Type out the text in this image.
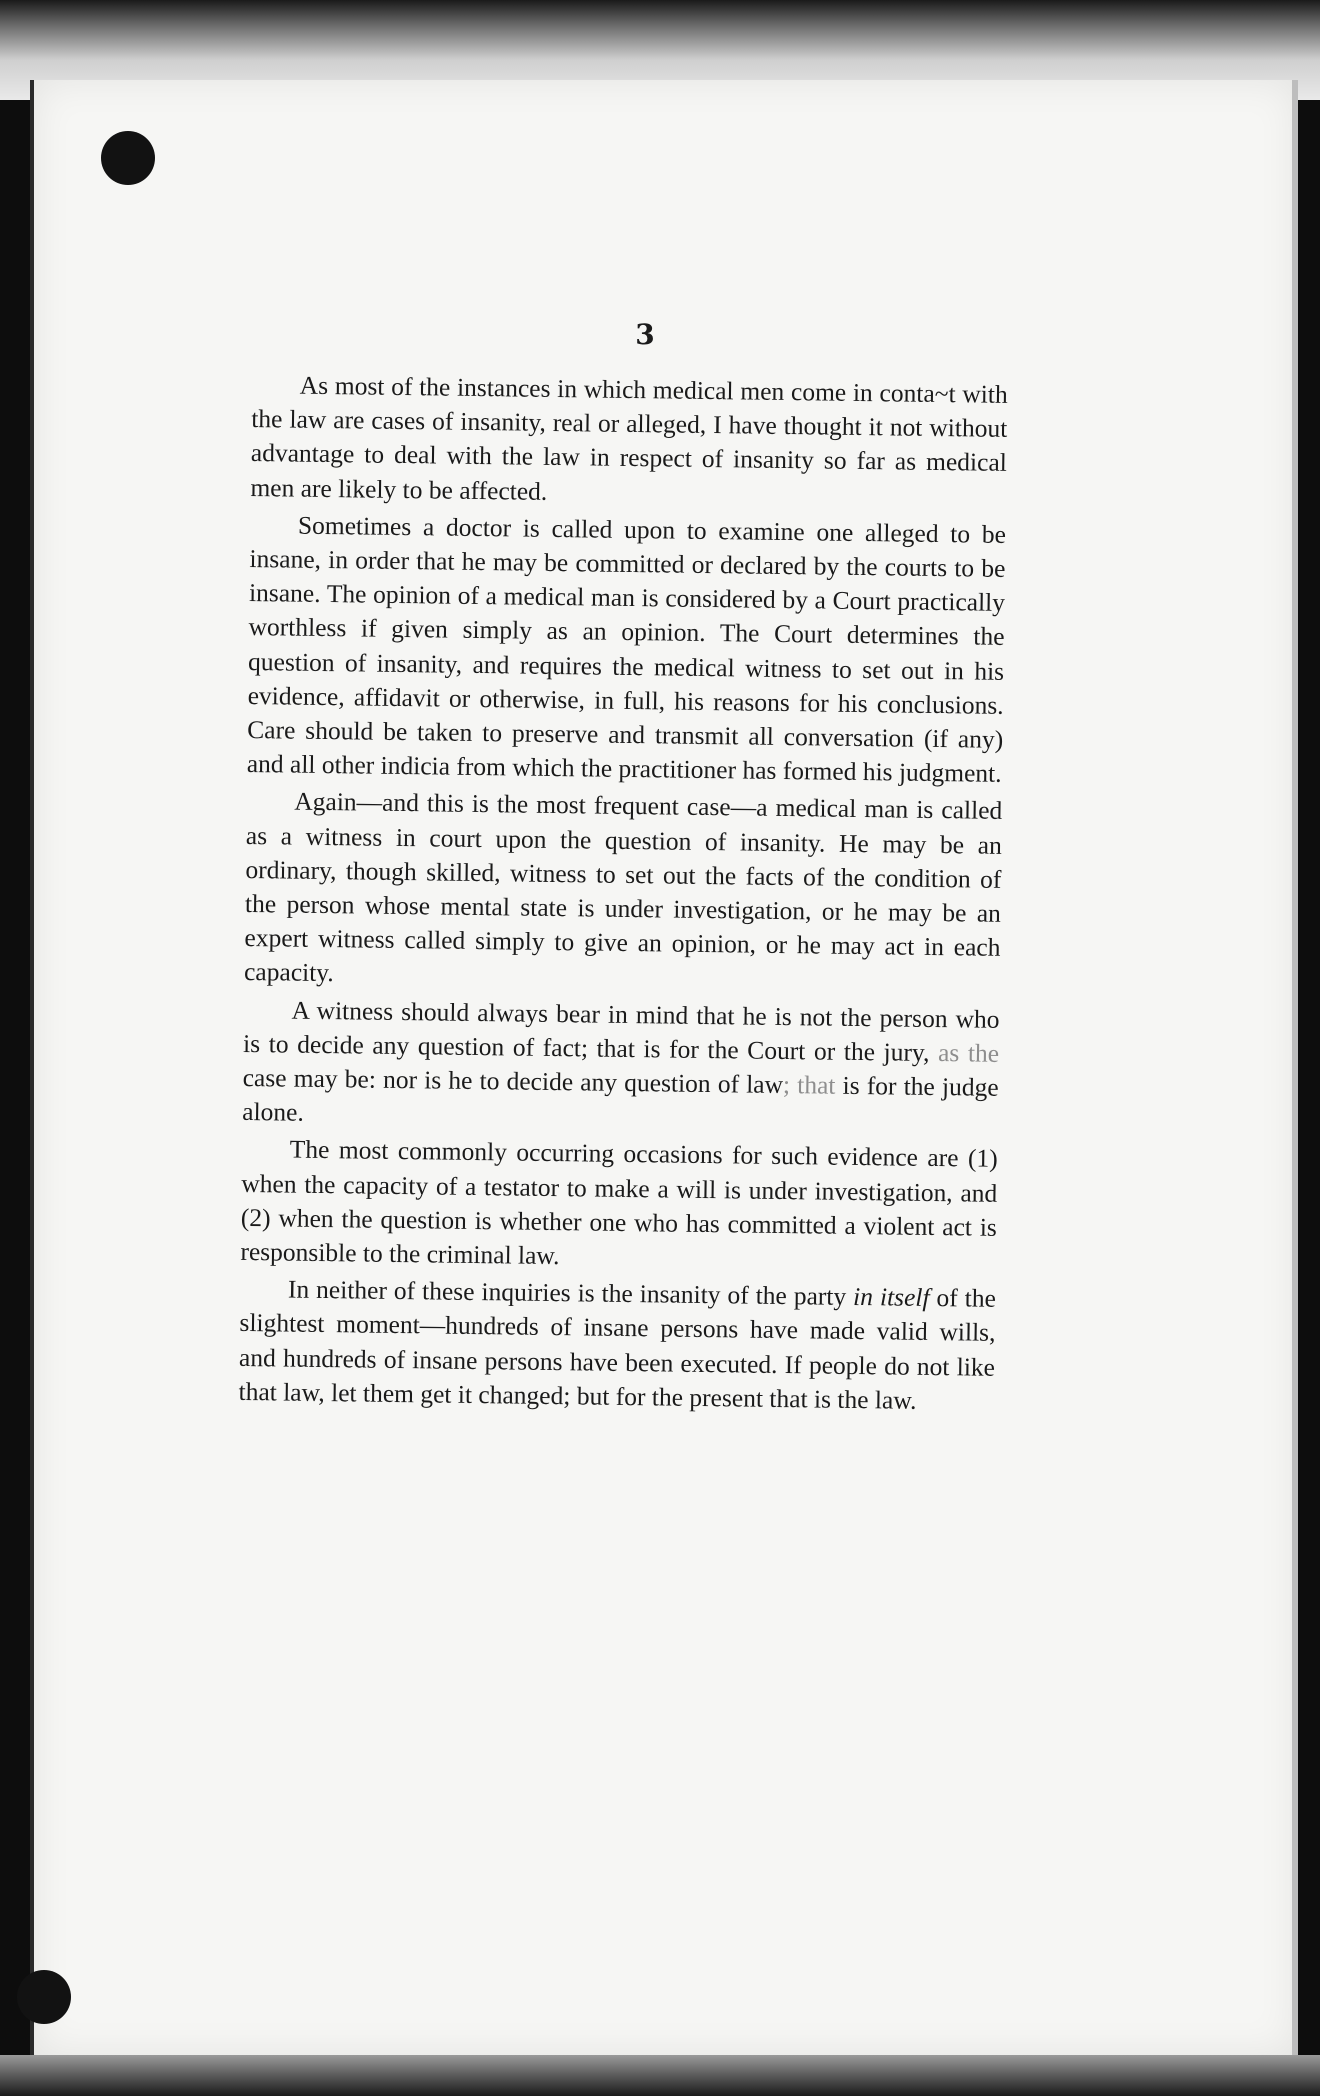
3

As most of the instances in which medical men come in conta~t with the law are cases of insanity, real or alleged, I have thought it not without advantage to deal with the law in respect of insanity so far as medical men are likely to be affected.

Sometimes a doctor is called upon to examine one alleged to be insane, in order that he may be committed or declared by the courts to be insane. The opinion of a medical man is considered by a Court practically worthless if given simply as an opinion. The Court determines the question of insanity, and requires the medical witness to set out in his evidence, affidavit or otherwise, in full, his reasons for his conclusions. Care should be taken to preserve and transmit all conversation (if any) and all other indicia from which the practitioner has formed his judgment.

Again—and this is the most frequent case—a medical man is called as a witness in court upon the question of insanity. He may be an ordinary, though skilled, witness to set out the facts of the condition of the person whose mental state is under investigation, or he may be an expert witness called simply to give an opinion, or he may act in each capacity.

A witness should always bear in mind that he is not the person who is to decide any question of fact; that is for the Court or the jury, as the case may be: nor is he to decide any question of law; that is for the judge alone.

The most commonly occurring occasions for such evidence are (1) when the capacity of a testator to make a will is under investigation, and (2) when the question is whether one who has committed a violent act is responsible to the criminal law.

In neither of these inquiries is the insanity of the party in itself of the slightest moment—hundreds of insane persons have made valid wills, and hundreds of insane persons have been executed. If people do not like that law, let them get it changed; but for the present that is the law.
